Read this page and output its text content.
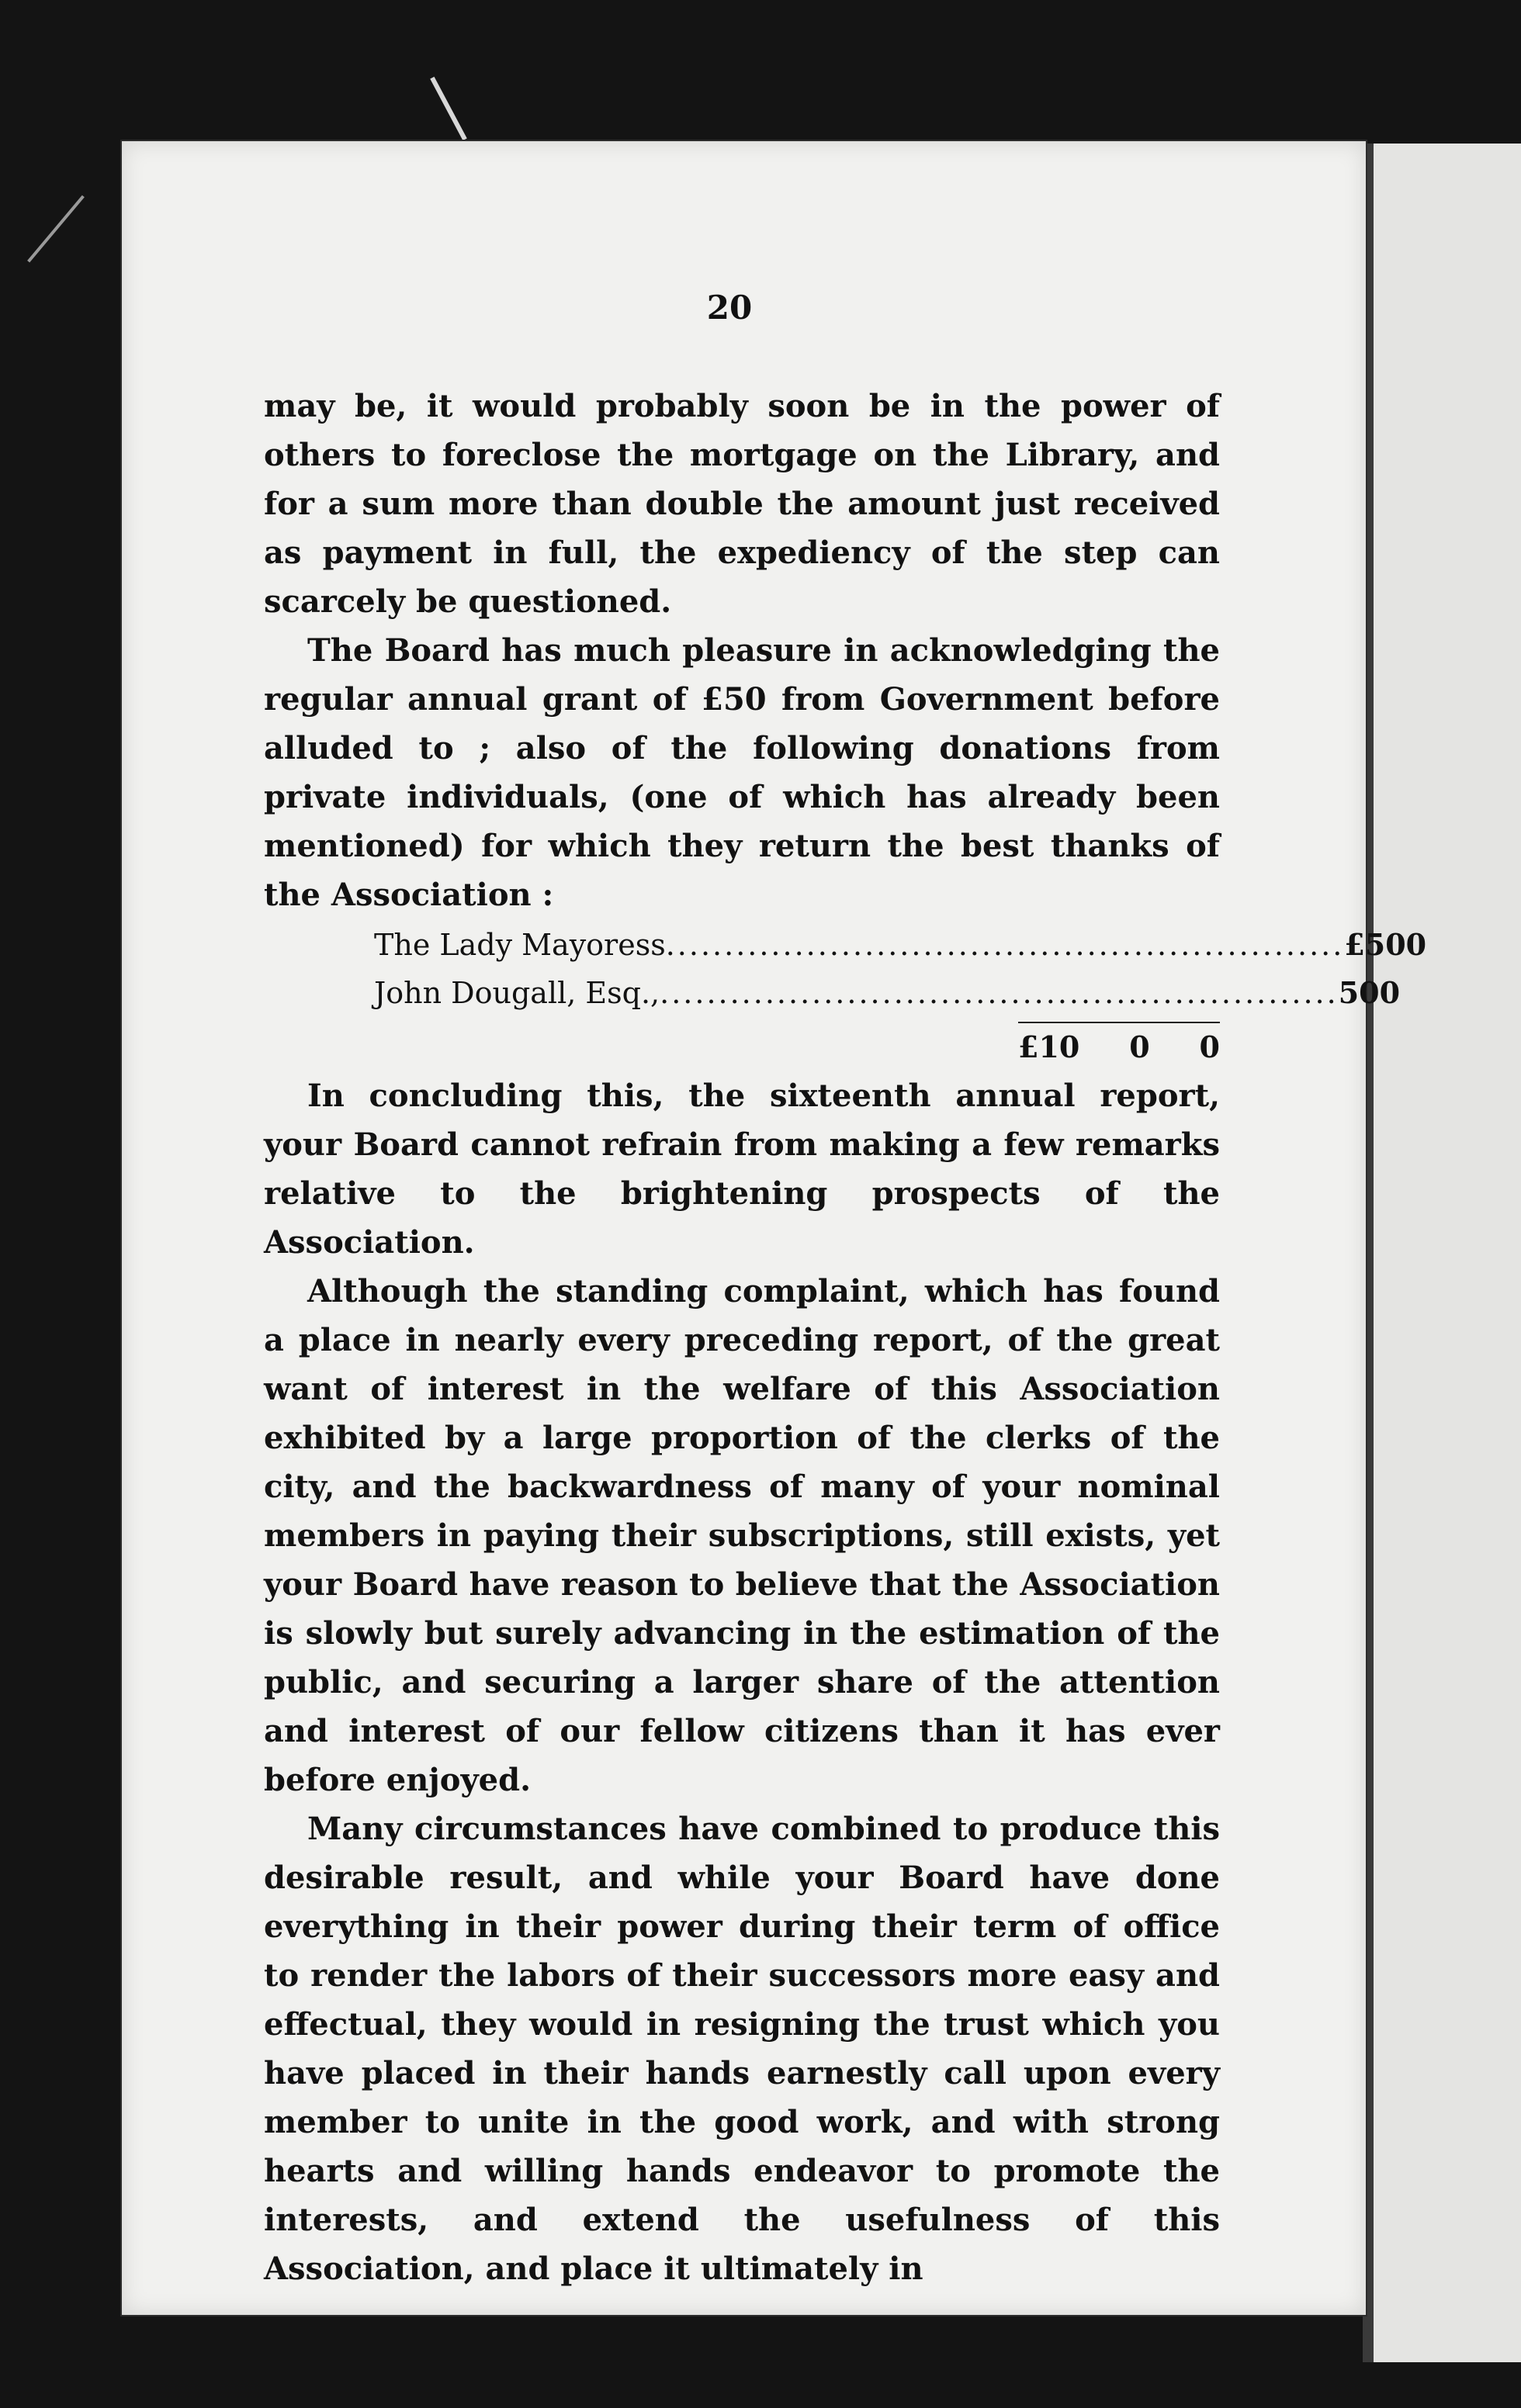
20

may be, it would probably soon be in the power of others to foreclose the mortgage on the Library, and for a sum more than double the amount just received as payment in full, the expediency of the step can scarcely be questioned.

The Board has much pleasure in acknowledging the regular annual grant of £50 from Government before alluded to ; also of the following donations from private individuals, (one of which has already been mentioned) for which they return the best thanks of the Association :

The Lady Mayoress .......................................................... £5 0 0
John Dougall, Esq., .......................................................... 5 0 0
£10 0 0

In concluding this, the sixteenth annual report, your Board cannot refrain from making a few remarks relative to the brightening prospects of the Association.

Although the standing complaint, which has found a place in nearly every preceding report, of the great want of interest in the welfare of this Association exhibited by a large proportion of the clerks of the city, and the backwardness of many of your nominal members in paying their subscriptions, still exists, yet your Board have reason to believe that the Association is slowly but surely advancing in the estimation of the public, and securing a larger share of the attention and interest of our fellow citizens than it has ever before enjoyed.

Many circumstances have combined to produce this desirable result, and while your Board have done everything in their power during their term of office to render the labors of their successors more easy and effectual, they would in resigning the trust which you have placed in their hands earnestly call upon every member to unite in the good work, and with strong hearts and willing hands endeavor to promote the interests, and extend the usefulness of this Association, and place it ultimately in
